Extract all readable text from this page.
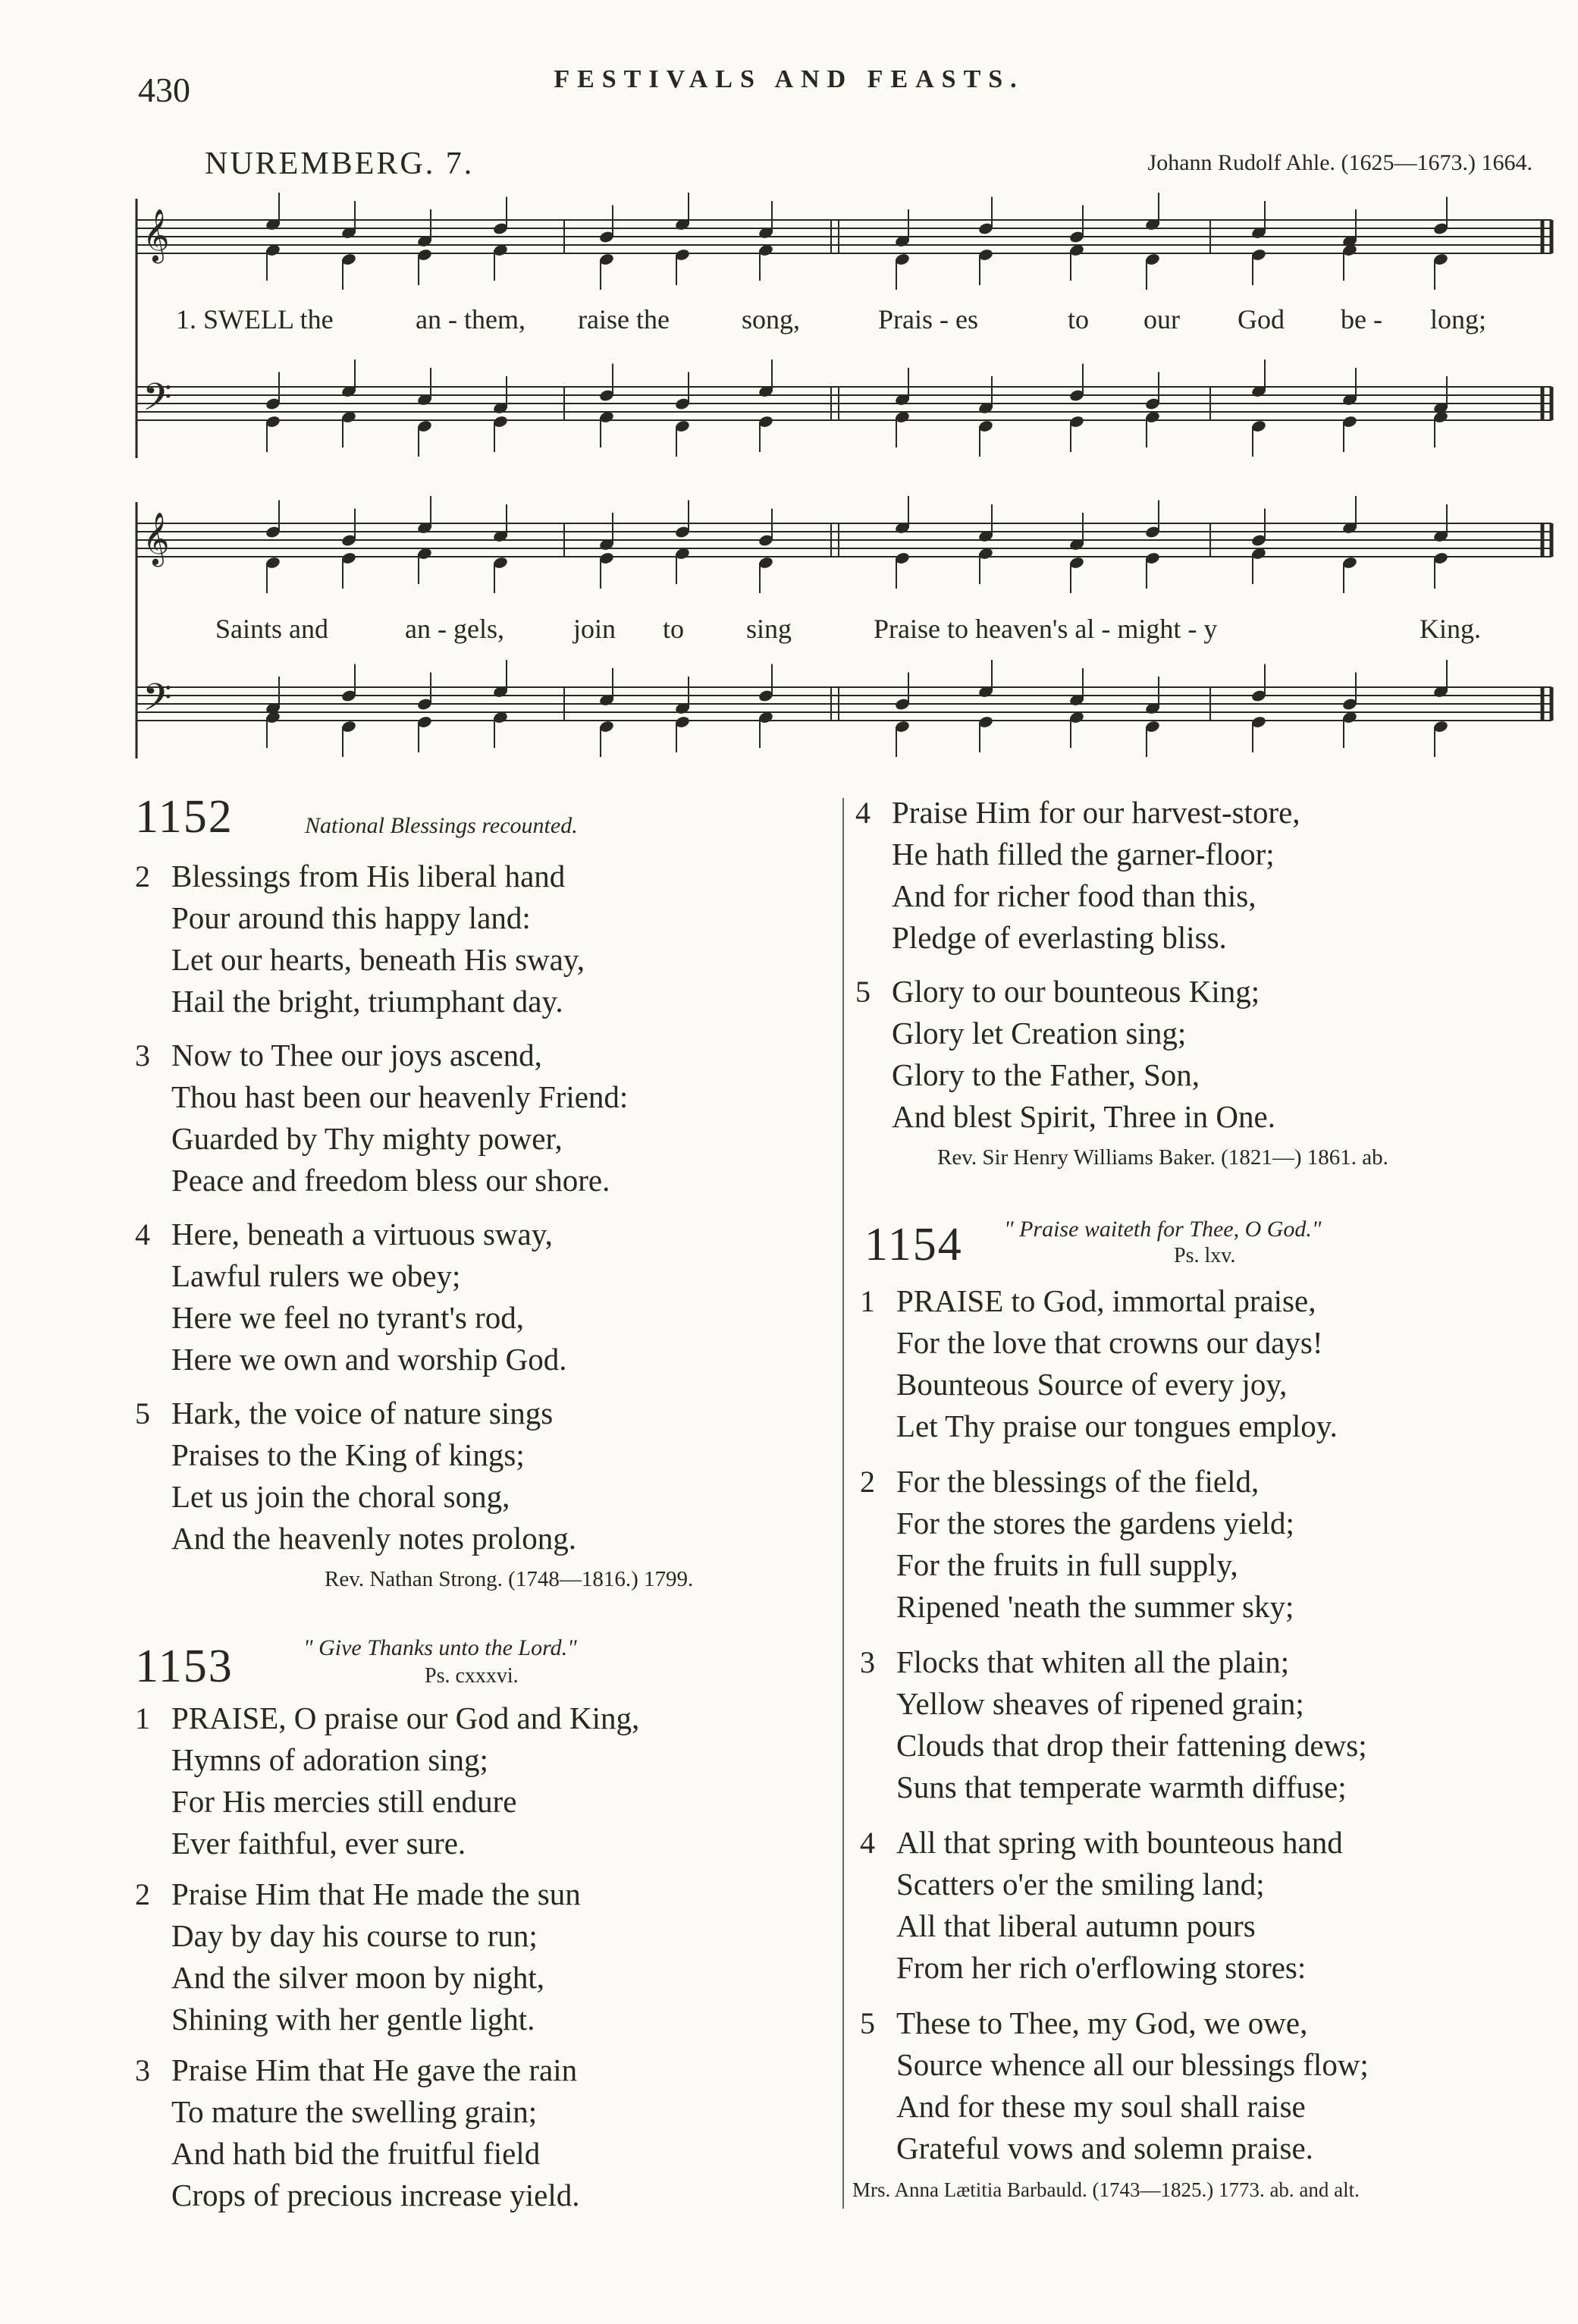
430	FESTIVALS AND FEASTS.
NUREMBERG. 7.	Johann Rudolf Ahle. (1625—1673.) 1664.
𝄞
𝄢
𝄞
𝄢
1. SWELL the	an - them, raise the	song,	Prais - es	to our God be - long;
Saints and	an - gels,	join to sing	Praise to heaven's al - might - y	King.
1152	National Blessings recounted.
2 Blessings from His liberal hand
Pour around this happy land:
Let our hearts, beneath His sway,
Hail the bright, triumphant day.
3 Now to Thee our joys ascend,
Thou hast been our heavenly Friend:
Guarded by Thy mighty power,
Peace and freedom bless our shore.
4 Here, beneath a virtuous sway,
Lawful rulers we obey;
Here we feel no tyrant's rod,
Here we own and worship God.
5 Hark, the voice of nature sings
Praises to the King of kings;
Let us join the choral song,
And the heavenly notes prolong.
Rev. Nathan Strong. (1748—1816.) 1799.
1153	" Give Thanks unto the Lord."
Ps. cxxxvi.
1 PRAISE, O praise our God and King,
Hymns of adoration sing;
For His mercies still endure
Ever faithful, ever sure.
2 Praise Him that He made the sun
Day by day his course to run;
And the silver moon by night,
Shining with her gentle light.
3 Praise Him that He gave the rain
To mature the swelling grain;
And hath bid the fruitful field
Crops of precious increase yield.
4 Praise Him for our harvest-store,
He hath filled the garner-floor;
And for richer food than this,
Pledge of everlasting bliss.
5 Glory to our bounteous King;
Glory let Creation sing;
Glory to the Father, Son,
And blest Spirit, Three in One.
Rev. Sir Henry Williams Baker. (1821—) 1861. ab.
1154 " Praise waiteth for Thee, O God."
Ps. lxv.
1 PRAISE to God, immortal praise,
For the love that crowns our days!
Bounteous Source of every joy,
Let Thy praise our tongues employ.
2 For the blessings of the field,
For the stores the gardens yield;
For the fruits in full supply,
Ripened 'neath the summer sky;
3 Flocks that whiten all the plain;
Yellow sheaves of ripened grain;
Clouds that drop their fattening dews;
Suns that temperate warmth diffuse;
4 All that spring with bounteous hand
Scatters o'er the smiling land;
All that liberal autumn pours
From her rich o'erflowing stores:
5 These to Thee, my God, we owe,
Source whence all our blessings flow;
And for these my soul shall raise
Grateful vows and solemn praise.
Mrs. Anna Lætitia Barbauld. (1743—1825.) 1773. ab. and alt.
